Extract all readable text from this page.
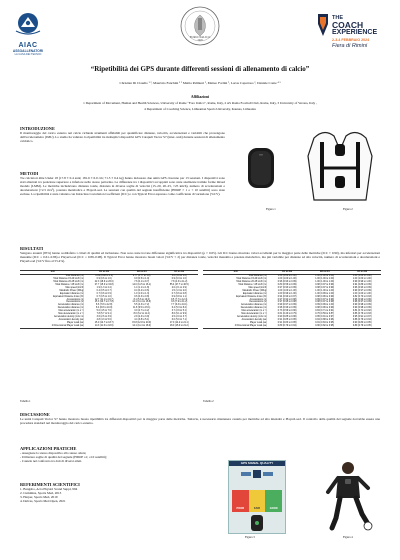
AIAC
ASSOALLENATORI
LA CASA DEI TECNICI
FORO ITALICO
1928
THE
COACH
EXPERIENCE
2-3-4 FEBBRAIO 2024
Fiera di Rimini
“Ripetibilità dei GPS durante differenti sessioni di allenamento di calcio”
Christian Di Claudio ¹ ², Maurizio Fanchini ¹ ² Mattia Palmieri ², Matteo Forlini ², Lucas Caparraso ², Daniele Conte ⁴ ³
Affiliazioni
1 Department of Movement, Human and Health Sciences, University of Rome “Foro Italico”, Rome, Italy, 2 AS Roma Football Club, Rome, Italy, 3 University of Verona, Italy ,
4 Department of Coaching Science, Lithuanian Sports University, Kaunas, Lithuania
INTRODUZIONE
Il monitoraggio del carico esterno nel calcio richiede strumenti affidabili per quantificare distanze, velocità, accelerazioni e variabili che provengono dall'accelerometro (IMU). Lo studio ha valutato la ripetibilità tra molteplici dispositivi GPS Catapult Vector S7 (inter- unit) durante sessioni di allenamento calcistico.
METODI
Tre calciatori élite Under 18 (17.8 ± 0.4 anni; 181.6 ± 6.0 cm; 71.5 ± 6.4 kg) hanno indossato due unità GPS ciascuno per 13 sessioni. I dispositivi sono stati alternati tra posizione superiore e inferiore nello stesso pettorina. Le differenze tra i dispositivi accoppiati sono state analizzate tramite forme mixed models (LMM). Le metriche includevano distanza totale, distanza in diverse soglie di velocità (15–20, 20–25, >25 km/h), numero di accelerazioni e decelerazioni (>2.5 m/s²), potenza metabolica e PlayerLoad. Le sessioni con qualità del segnale insufficiente (HDOP > 1 o < 10 satelliti) sono state escluse. La ripetibilità è stata valutata con Intraclass Correlation Coefficient (ICC) e con Typical Error espresso come coefficiente di variazione (%CV).
Figura 1	Figura 2
RISULTATI
Vengono assunti (95%) hanno soddisfatto i criteri di qualità ed inclusione. Non sono state trovate differenze significative tra dispositivi (p > 0.05). Gli ICC hanno mostrato valori eccellenti per la maggior parte delle metriche (ICC > 0.90), ma inferiori per accelerazioni massime (ICC = 0.61–0.86) e PlayerLoad (ICC = 0.89–0.98). Il Typical Error hanno mostrato buoni valori (%CV < 2) per distanza totale, velocità massima e potenza metabolica, ma più variabile per distanze ad alta velocità, numero di accelerazioni e decelerazioni e PlayerLoad (%CV fino al 55.4%).
ICR	D1 vs D2	D3 vs D4	D5 vs D6
Total Distance (m)	0.99 (0.98 to 1.0)	0.77 (0.77 to 1.0)	1.0 (1.0 to 1.0)
Total Distance 15-20 km/h (m)	0.9 (0.6 to 1.0)	0.9 (0.5 to 1.0)	0.9 (0.3 to 1.0)
Total Distance 20-25 km/h (m)	22.3 (18.6 to 26.0)	7.6 (0.1 to 9.7)	7.8 (4.3 to 11.2)
Total Distance >25 km/h (m)	27.7 (15.0 to 34.8)	14.0 (11.5 to 16.1)	55.4 (27.7 to 40.5)
Max speed (km/h)	1.9 (1.3 to 2.4)	1.4 (1.1 to 1.8)	2.0 (2.1 to 2.9)
Metabolic Power (W/kg)	0.4 (0.5 to 0.7)	0.4 (0.4 to 0.6)	1.5 (1.3 to 2.0)
Equivalent distance (m)	0.7 (0.6 to 0.9)	1.0 (1.0 to 1.3)	0.7 (0.6 to 0.8)
Equivalent Distance Index (%)	0.7 (0.5 to 1.0)	0.6 (0.3 to 0.8)	0.9 (0.8 to 1.1)
Accelerations (n)	12.7 (11.1 to 16.7)	8.1 (5.6 to 10.0)	9.5 (7.7 to 12.4)
Decelerations (n)	15.3 (10.7 to 17.8)	14.1 (11.4 to 18.0)	9.6 (7.9 to 11.2)
Acceleration distance (m)	8.6 (7.8 to 12.8)	5.5 (4.3 to 7.2)	7.7 (6.3 to 10.1)
Deceleration distance (m)	8.4 (6.8 to 10.9)	11.8 (9.5 to 15.1)	6.4 (5.3 to 8.2)
Max acceleration (m·s⁻²)	5.0 (4.5 to 7.6)	3.0 (2.7 to 4.2)	3.7 (2.9 to 5.1)
Max deceleration (m·s⁻²)	7.8 (5.7 to 9.1)	8.0 (6.2 to 11.2)	8.6 (6.1 to 9.9)
Acceleration density (m/s²·m)	3.6 (2.6 to 3.9)	2.9 (2.3 to 3.9)	2.5 (2.0 to 3.7)
Acceleration density (au)	4.8 (4.3 to 5.6)	4.4 (3.8 to 5.1)	6.0 (5.0 to 7.1)
Player Load (au)	15.0 (12.7 to 18.7)	15.8 (12.8 to 20.9)	17.0 (14.2 to 21.1)
2 Dimensional Player Load (au)	14.3 (11.6 to 18.6)	14.1 (11.4 to 18.0)	18.0 (15.0 to 21.2)
Tabella 1
ICR	D1 vs D2	D3 vs D4	D5 vs D6
Total Distance (m)	1.00 (1.00 to 1.00)	1.00 (1.00 to 1.00)	1.00 (1.00 to 1.00)
Total Distance 15-20 km/h (m)	1.00 (1.00 to 1.00)	1.00 (1.00 to 1.00)	1.00 (1.00 to 1.00)
Total Distance 20-25 km/h (m)	0.96 (0.93 to 0.99)	1.00 (1.00 to 1.00)	0.99 (0.99 to 1.00)
Total Distance >25 km/h (m)	0.80 (0.56 to 0.99)	0.98 (0.97 to 0.99)	0.94 (0.89 to 0.99)
Max speed (km/h)	0.97 (0.93 to 0.99)	0.98 (0.97 to 0.99)	0.96 (0.93 to 0.99)
Metabolic Power (W/kg)	1.00 (1.00 to 1.00)	1.00 (1.00 to 1.00)	0.99 (0.97 to 0.99)
Equivalent distance (m)	1.00 (0.99 to 1.00)	1.00 (0.99 to 1.00)	1.00 (1.00 to 1.00)
Equivalent Distance Index (%)	0.94 (0.90 to 0.97)	0.98 (0.96 to 0.99)	0.82 (0.70 to 0.93)
Accelerations (n)	0.97 (0.94 to 0.98)	0.99 (0.97 to 0.99)	0.98 (0.96 to 0.99)
Decelerations (n)	0.97 (0.95 to 0.98)	0.98 (0.97 to 0.99)	0.98 (0.97 to 0.99)
Acceleration distance (m)	0.99 (0.97 to 0.99)	0.99 (0.99 to 1.00)	0.99 (0.98 to 0.99)
Deceleration distance (m)	0.98 (0.96 to 0.99)	0.98 (0.96 to 0.99)	0.99 (0.98 to 0.99)
Max acceleration (m·s⁻²)	0.73 (0.59 to 0.90)	0.84 (0.71 to 0.91)	0.84 (0.74 to 0.92)
Max deceleration (m·s⁻²)	0.61 (0.40 to 0.79)	0.76 (0.59 to 0.87)	0.86 (0.76 to 0.93)
Acceleration density (m/s²·m)	0.90 (0.85 to 0.96)	0.95 (0.91 to 0.97)	0.95 (0.91 to 0.97)
Acceleration density (au)	0.91 (0.85 to 0.95)	0.94 (0.88 to 0.96)	0.88 (0.79 to 0.94)
Player Load (au)	0.91 (0.83 to 0.95)	0.91 (0.84 to 0.95)	0.90 (0.80 to 0.95)
2 Dimensional Player Load (au)	0.89 (0.79 to 0.94)	0.90 (0.82 to 0.95)	0.89 (0.79 to 0.95)
Tabella 2
DISCUSSIONE
Le unità Catapult Vector S7 hanno mostrato buona ripetibilità tra differenti dispositivi per la maggior parte delle metriche. Tuttavia, è necessario mantenere cautela per metriche ad alta intensità e PlayerLoad. Il controllo della qualità del segnale dovrebbe essere una procedura standard nel monitoraggio del carico esterno.
APPLICAZIONI PRATICHE
- Assegnare lo stesso dispositivo allo stesso atleta;
- Utilizzare soglie di qualità del segnale (HDOP ≤1; ≥10 satelliti);
- Cautela nel confronto tra dati di diversi atleti.
REFERIMENTI SCIENTIFICI
1. Bangsbo, Acta Physiol Scand Suppl, 994
2. Cummins, Sports Med, 2013
3. Harper, Sports Med, 2019
4. Delves, Sports Med Open, 2021
GPS SIGNAL QUALITY
POOR	FAIR	GOOD
Figura 3	Figura 4
